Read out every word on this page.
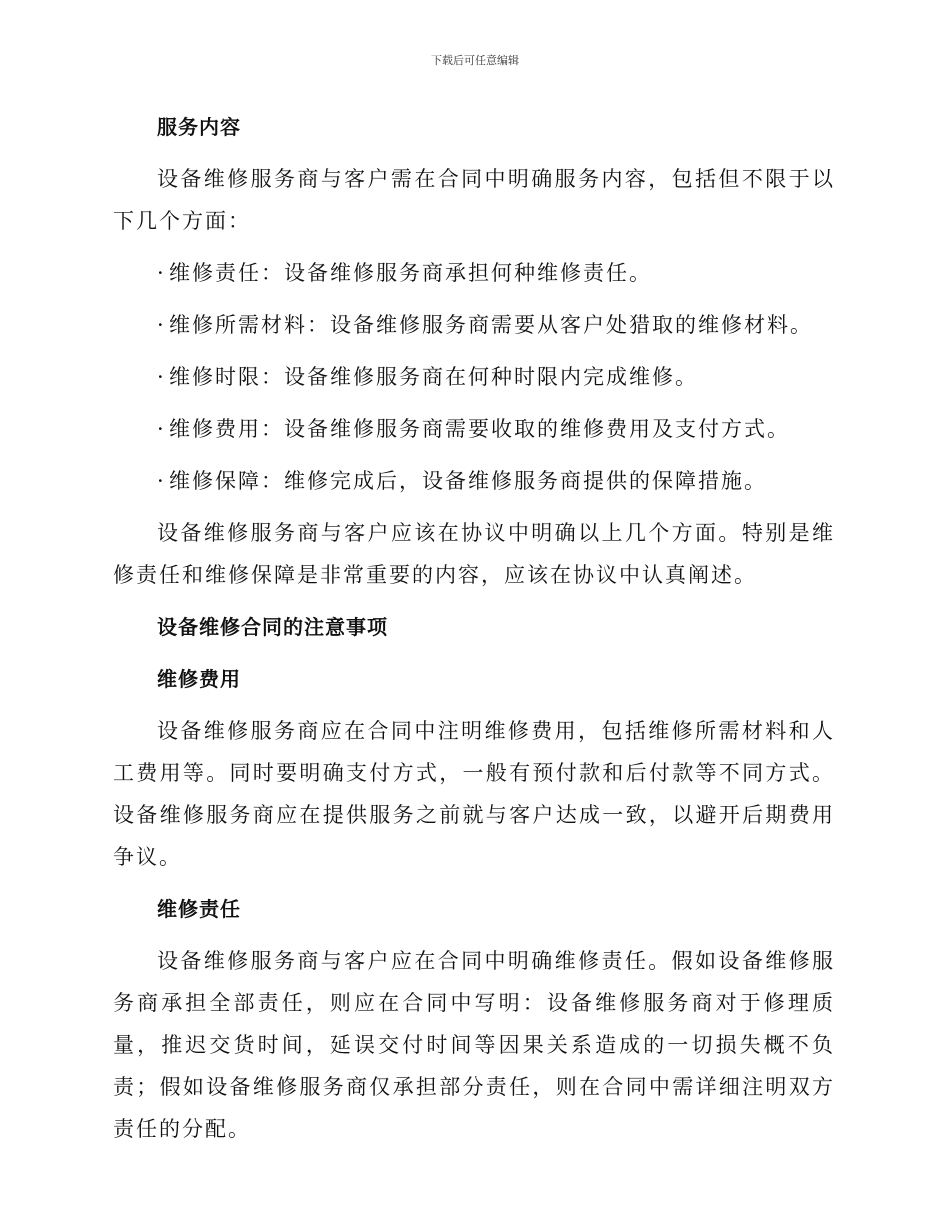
下载后可任意编辑
服务内容

设备维修服务商与客户需在合同中明确服务内容，包括但不限于以下几个方面：

· 维修责任：设备维修服务商承担何种维修责任。
· 维修所需材料：设备维修服务商需要从客户处猎取的维修材料。
· 维修时限：设备维修服务商在何种时限内完成维修。
· 维修费用：设备维修服务商需要收取的维修费用及支付方式。
· 维修保障：维修完成后，设备维修服务商提供的保障措施。

设备维修服务商与客户应该在协议中明确以上几个方面。特别是维修责任和维修保障是非常重要的内容，应该在协议中认真阐述。

设备维修合同的注意事项
维修费用

设备维修服务商应在合同中注明维修费用，包括维修所需材料和人工费用等。同时要明确支付方式，一般有预付款和后付款等不同方式。设备维修服务商应在提供服务之前就与客户达成一致，以避开后期费用争议。

维修责任

设备维修服务商与客户应在合同中明确维修责任。假如设备维修服务商承担全部责任，则应在合同中写明：设备维修服务商对于修理质量，推迟交货时间，延误交付时间等因果关系造成的一切损失概不负责；假如设备维修服务商仅承担部分责任，则在合同中需详细注明双方责任的分配。
